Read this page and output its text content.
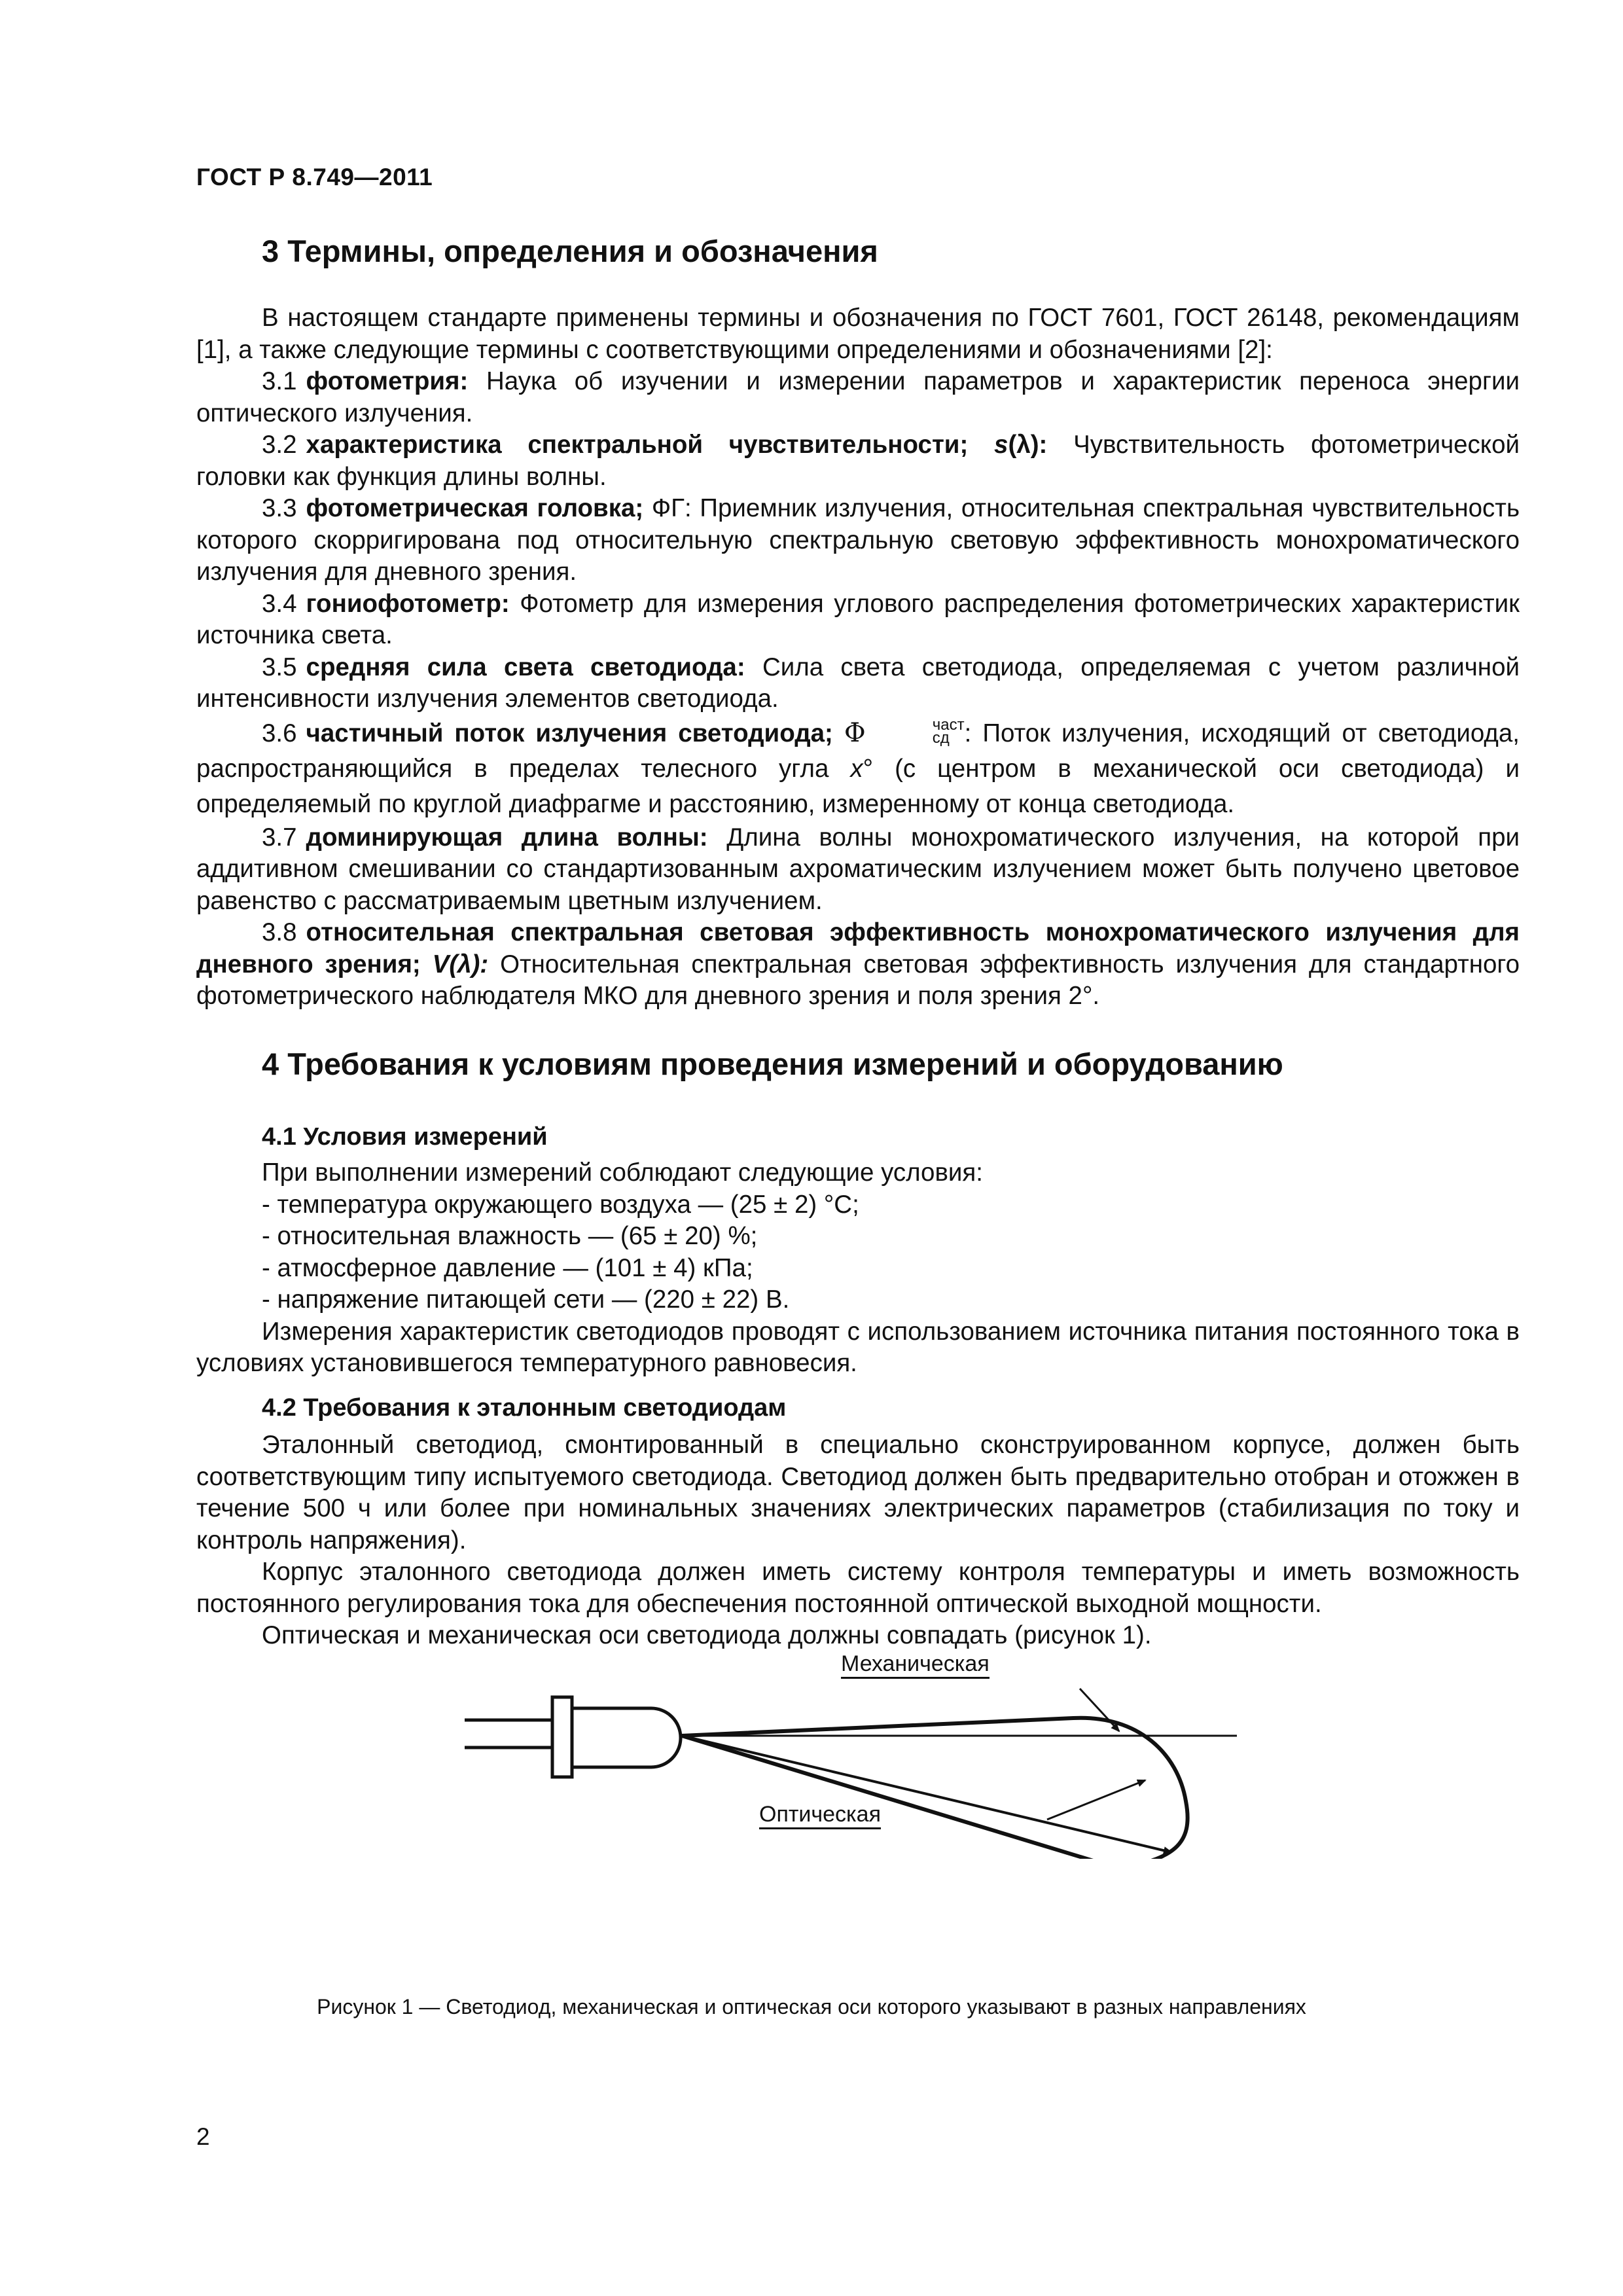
ГОСТ Р 8.749—2011
3 Термины, определения и обозначения

В настоящем стандарте применены термины и обозначения по ГОСТ 7601, ГОСТ 26148, рекомендациям [1], а также следующие термины с соответствующими определениями и обозначениями [2]:

3.1 фотометрия: Наука об изучении и измерении параметров и характеристик переноса энергии оптического излучения.

3.2 характеристика спектральной чувствительности; s(λ): Чувствительность фотометрической головки как функция длины волны.

3.3 фотометрическая головка; ФГ: Приемник излучения, относительная спектральная чувствительность которого скорригирована под относительную спектральную световую эффективность монохроматического излучения для дневного зрения.

3.4 гониофотометр: Фотометр для измерения углового распределения фотометрических характеристик источника света.

3.5 средняя сила света светодиода: Сила света светодиода, определяемая с учетом различной интенсивности излучения элементов светодиода.

3.6 частичный поток излучения светодиода; Φ	част
сд : Поток излучения, исходящий от светодиода, распространяющийся в пределах телесного угла x° (с центром в механической оси светодиода) и определяемый по круглой диафрагме и расстоянию, измеренному от конца светодиода.

3.7 доминирующая длина волны: Длина волны монохроматического излучения, на которой при аддитивном смешивании со стандартизованным ахроматическим излучением может быть получено цветовое равенство с рассматриваемым цветным излучением.

3.8 относительная спектральная световая эффективность монохроматического излучения для дневного зрения; V(λ): Относительная спектральная световая эффективность излучения для стандартного фотометрического наблюдателя МКО для дневного зрения и поля зрения 2°.

4 Требования к условиям проведения измерений и оборудованию
4.1 Условия измерений

При выполнении измерений соблюдают следующие условия:

- температура окружающего воздуха — (25 ± 2) °С;

- относительная влажность — (65 ± 20) %;

- атмосферное давление — (101 ± 4) кПа;

- напряжение питающей сети — (220 ± 22) В.

Измерения характеристик светодиодов проводят с использованием источника питания постоянного тока в условиях установившегося температурного равновесия.

4.2 Требования к эталонным светодиодам

Эталонный светодиод, смонтированный в специально сконструированном корпусе, должен быть соответствующим типу испытуемого светодиода. Светодиод должен быть предварительно отобран и отожжен в течение 500 ч или более при номинальных значениях электрических параметров (стабилизация по току и контроль напряжения).

Корпус эталонного светодиода должен иметь систему контроля температуры и иметь возможность постоянного регулирования тока для обеспечения постоянной оптической выходной мощности.

Оптическая и механическая оси светодиода должны совпадать (рисунок 1).

Механическая
Оптическая
Рисунок 1 — Светодиод, механическая и оптическая оси которого указывают в разных направлениях
2
